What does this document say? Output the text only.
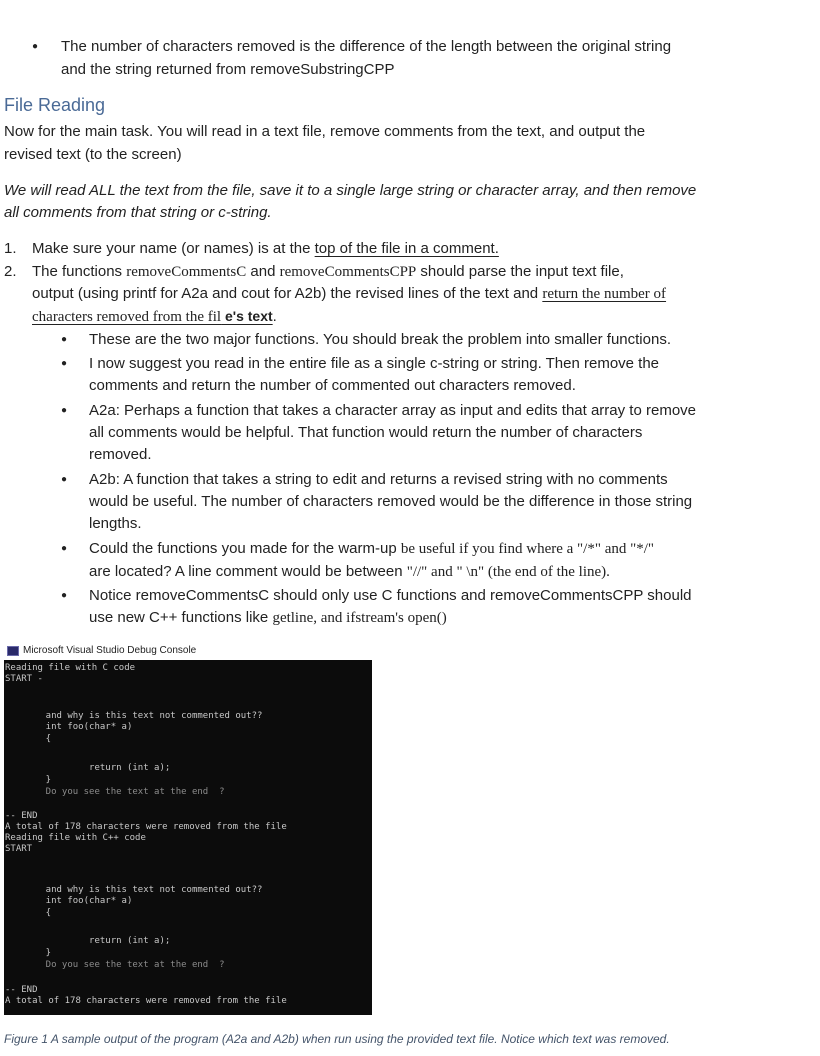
● The number of characters removed is the difference of the length between the original string
and the string returned from removeSubstringCPP
File Reading
Now for the main task. You will read in a text file, remove comments from the text, and output the
revised text (to the screen)
We will read ALL the text from the file, save it to a single large string or character array, and then remove
all comments from that string or c-string.
1.	Make sure your name (or names) is at the top of the file in a comment.
2.	The functions removeCommentsC and removeCommentsCPP should parse the input text file,
output (using printf for A2a and cout for A2b) the revised lines of the text and return the number of
characters removed from the fil e's text.
● These are the two major functions. You should break the problem into smaller functions.
● I now suggest you read in the entire file as a single c-string or string. Then remove the
comments and return the number of commented out characters removed.
● A2a: Perhaps a function that takes a character array as input and edits that array to remove
all comments would be helpful. That function would return the number of characters
removed.
● A2b: A function that takes a string to edit and returns a revised string with no comments
would be useful. The number of characters removed would be the difference in those string
lengths.
● Could the functions you made for the warm-up be useful if you find where a "/*" and "*/"
are located? A line comment would be between "//" and " \n" (the end of the line).
● Notice removeCommentsC should only use C functions and removeCommentsCPP should
use new C++ functions like getline, and ifstream's open()
Microsoft Visual Studio Debug Console
Reading file with C code
START -
and why is this text not commented out??
int foo(char* a)
{
return (int a);
}
Do you see the text at the end  ?
-- END
A total of 178 characters were removed from the file
Reading file with C++ code
START
and why is this text not commented out??
int foo(char* a)
{
return (int a);
}
Do you see the text at the end  ?
-- END
A total of 178 characters were removed from the file
Figure 1 A sample output of the program (A2a and A2b) when run using the provided text file. Notice which text was removed.
